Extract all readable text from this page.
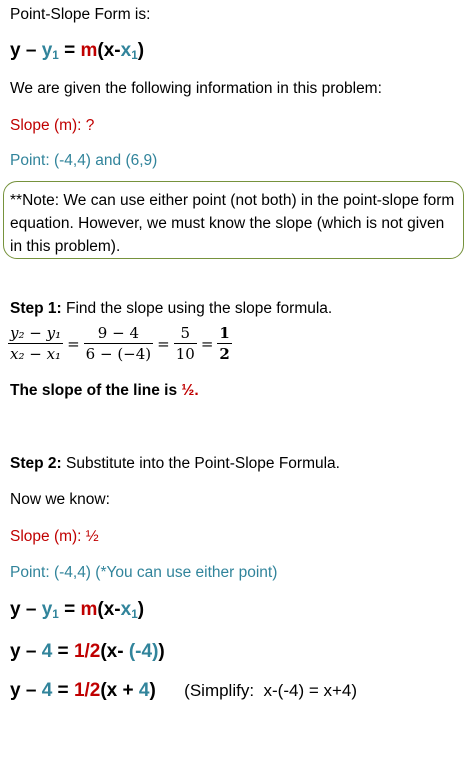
Point-Slope Form is:
$y - y_1 = m(x-x_1)$
We are given the following information in this problem:
Slope (m): ?
Point: (-4,4) and (6,9)
**Note: We can use either point (not both) in the point-slope form equation. However, we must know the slope (which is not given in this problem).
Step 1: Find the slope using the slope formula.
$\frac{\text{y₂ − y₁}}{\text{x₂ − x₁}} = \frac{9 - 4}{6 - (-4)} = \frac{5}{10} = \frac{1}{2}$
The slope of the line is ½.
Step 2: Substitute into the Point-Slope Formula.
Now we know:
Slope (m): ½
Point: (-4,4) (*You can use either point)
$y - y_1 = m(x-x_1)$
y – 4 = 1/2(x- (-4))
y – 4 = 1/2(x + 4)      (Simplify:  x-(-4) = x+4)
